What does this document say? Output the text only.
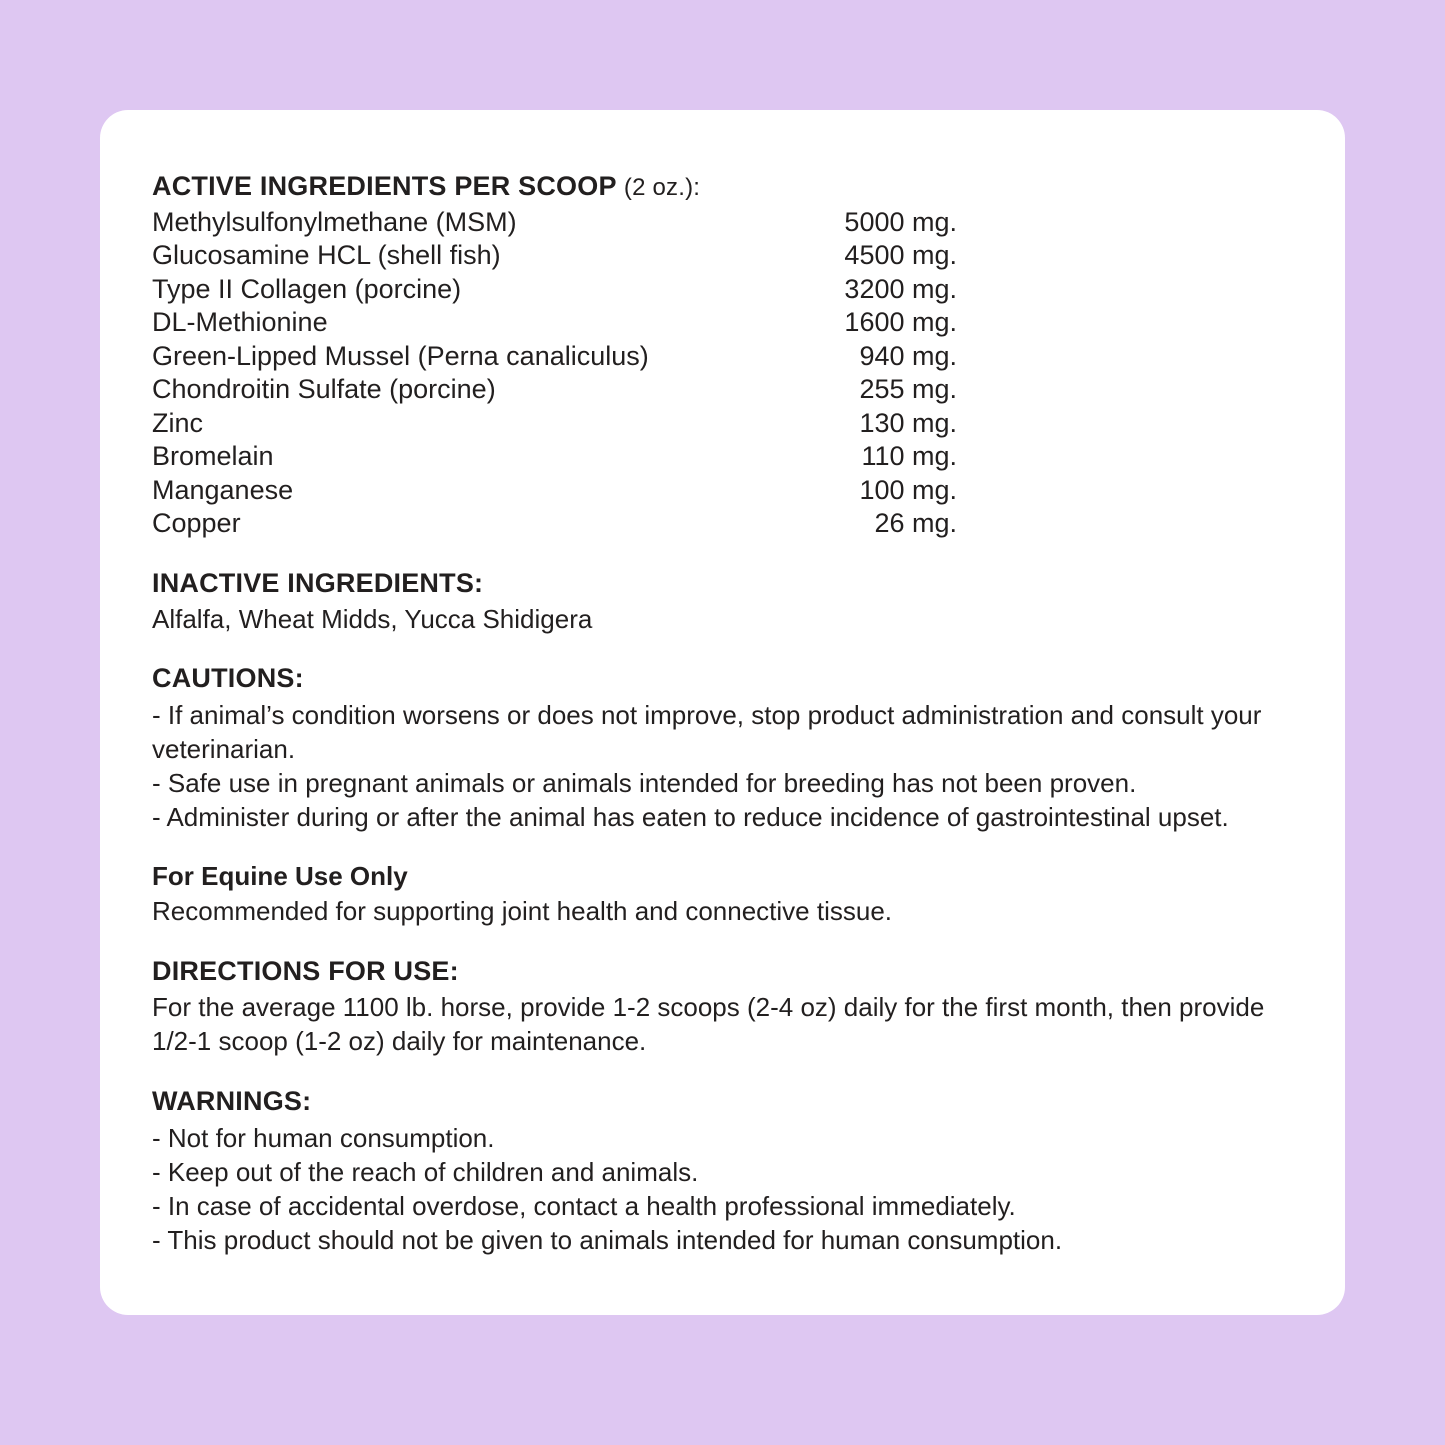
ACTIVE INGREDIENTS PER SCOOP (2 oz.):
Methylsulfonylmethane (MSM)	5000 mg.	
Glucosamine HCL (shell fish)	4500 mg.	
Type II Collagen (porcine)	3200 mg.	
DL-Methionine	1600 mg.	
Green-Lipped Mussel (Perna canaliculus)	940 mg.	
Chondroitin Sulfate (porcine)	255 mg.	
Zinc	130 mg.	
Bromelain	110 mg.	
Manganese	100 mg.	
Copper	26 mg.	
INACTIVE INGREDIENTS:
Alfalfa, Wheat Midds, Yucca Shidigera
CAUTIONS:
- If animal’s condition worsens or does not improve, stop product administration and consult your veterinarian.
- Safe use in pregnant animals or animals intended for breeding has not been proven.
- Administer during or after the animal has eaten to reduce incidence of gastrointestinal upset.
For Equine Use Only
Recommended for supporting joint health and connective tissue.
DIRECTIONS FOR USE:
For the average 1100 lb. horse, provide 1-2 scoops (2-4 oz) daily for the first month, then provide 1/2-1 scoop (1-2 oz) daily for maintenance.
WARNINGS:
- Not for human consumption.
- Keep out of the reach of children and animals.
- In case of accidental overdose, contact a health professional immediately.
- This product should not be given to animals intended for human consumption.
